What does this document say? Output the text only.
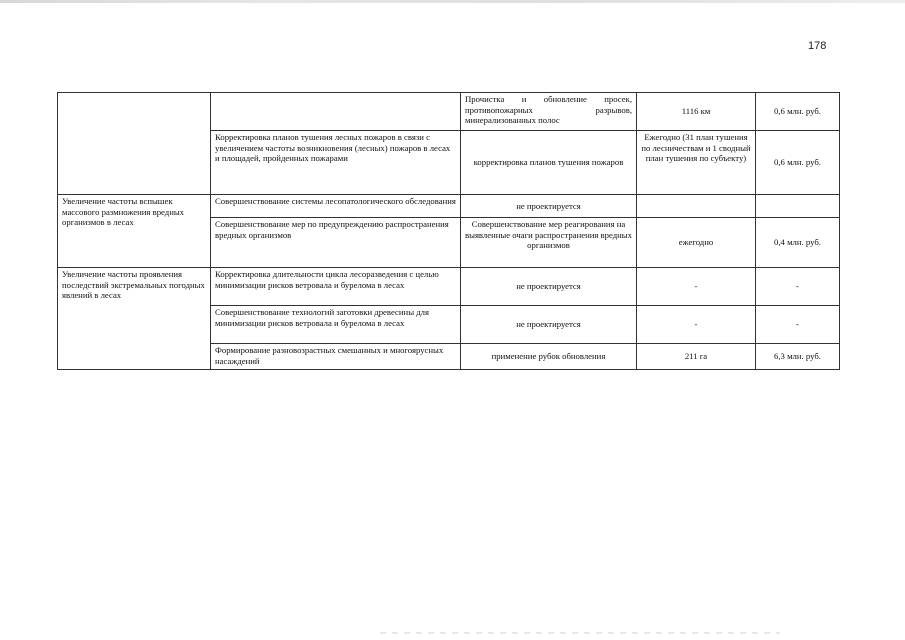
178
		Прочистка и обновление просек, противопожарных разрывов, минерализованных полос	1116 км	0,6 млн. руб.
	Корректировка планов тушения лесных пожаров в связи с увеличением частоты возникновения (лесных) пожаров в лесах и площадей, пройденных пожарами	корректировка планов тушения пожаров	Ежегодно (31 план тушения по лесничествам и 1 сводный план тушения по субъекту)	0,6 млн. руб.
Увеличение частоты вспышек массового размножения вредных организмов в лесах	Совершенствование системы лесопатологического обследования	не проектируется		
	Совершенствование мер по предупреждению распространения вредных организмов	Совершенствование мер реагирования на выявленные очаги распространения вредных организмов	ежегодно	0,4 млн. руб.
Увеличение частоты проявления последствий экстремальных погодных явлений в лесах	Корректировка длительности цикла лесоразведения с целью минимизации рисков ветровала и бурелома в лесах	не проектируется	-	-
	Совершенствование технологий заготовки древесины для минимизации рисков ветровала и бурелома в лесах	не проектируется	-	-
	Формирование разновозрастных смешанных и многоярусных насаждений	применение рубок обновления	211 га	6,3 млн. руб.
